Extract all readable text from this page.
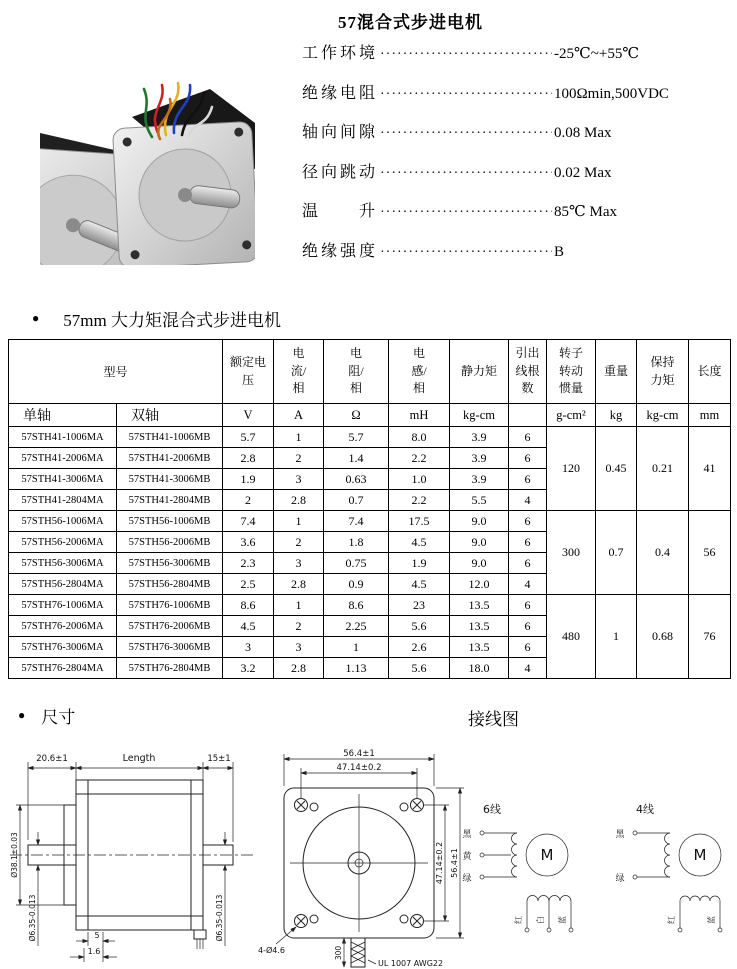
57混合式步进电机
工作环境 ·····	-25℃~+55℃
绝缘电阻 ·····	100Ωmin,500VDC
轴向间隙 ·····	0.08 Max
径向跳动 ·····	0.02 Max
温　　升 ·····	85℃ Max
绝缘强度 ·····	B
● 57mm 大力矩混合式步进电机
型号		额定电压	电流/相	电阻/相	电感/相	静力矩	引出线根数	转子转动惯量	重量	保持力矩	长度
单轴	双轴	V	A	Ω	mH	kg-cm		g-cm²	kg	kg-cm	mm
57STH41-1006MA	57STH41-1006MB	5.7	1	5.7	8.0	3.9	6	120	0.45	0.21	41
57STH41-2006MA	57STH41-2006MB	2.8	2	1.4	2.2	3.9	6				
57STH41-3006MA	57STH41-3006MB	1.9	3	0.63	1.0	3.9	6				
57STH41-2804MA	57STH41-2804MB	2	2.8	0.7	2.2	5.5	4				
57STH56-1006MA	57STH56-1006MB	7.4	1	7.4	17.5	9.0	6	300	0.7	0.4	56
57STH56-2006MA	57STH56-2006MB	3.6	2	1.8	4.5	9.0	6				
57STH56-3006MA	57STH56-3006MB	2.3	3	0.75	1.9	9.0	6				
57STH56-2804MA	57STH56-2804MB	2.5	2.8	0.9	4.5	12.0	4				
57STH76-1006MA	57STH76-1006MB	8.6	1	8.6	23	13.5	6	480	1	0.68	76
57STH76-2006MA	57STH76-2006MB	4.5	2	2.25	5.6	13.5	6				
57STH76-3006MA	57STH76-3006MB	3	3	1	2.6	13.5	6				
57STH76-2804MA	57STH76-2804MB	3.2	2.8	1.13	5.6	18.0	4				
● 尺寸	接线图
20.6±1	Length	15±1
Ø38.1±0.03
Ø6.35-0.013	Ø6.35-0.013
5
1.6
56.4±1
47.14±0.2
47.14±0.2 56.4±1
300
UL 1007 AWG22
4-Ø4.6
6线
黑
黄
绿
M
红 白 蓝
4线
黑
绿
M
红	蓝
